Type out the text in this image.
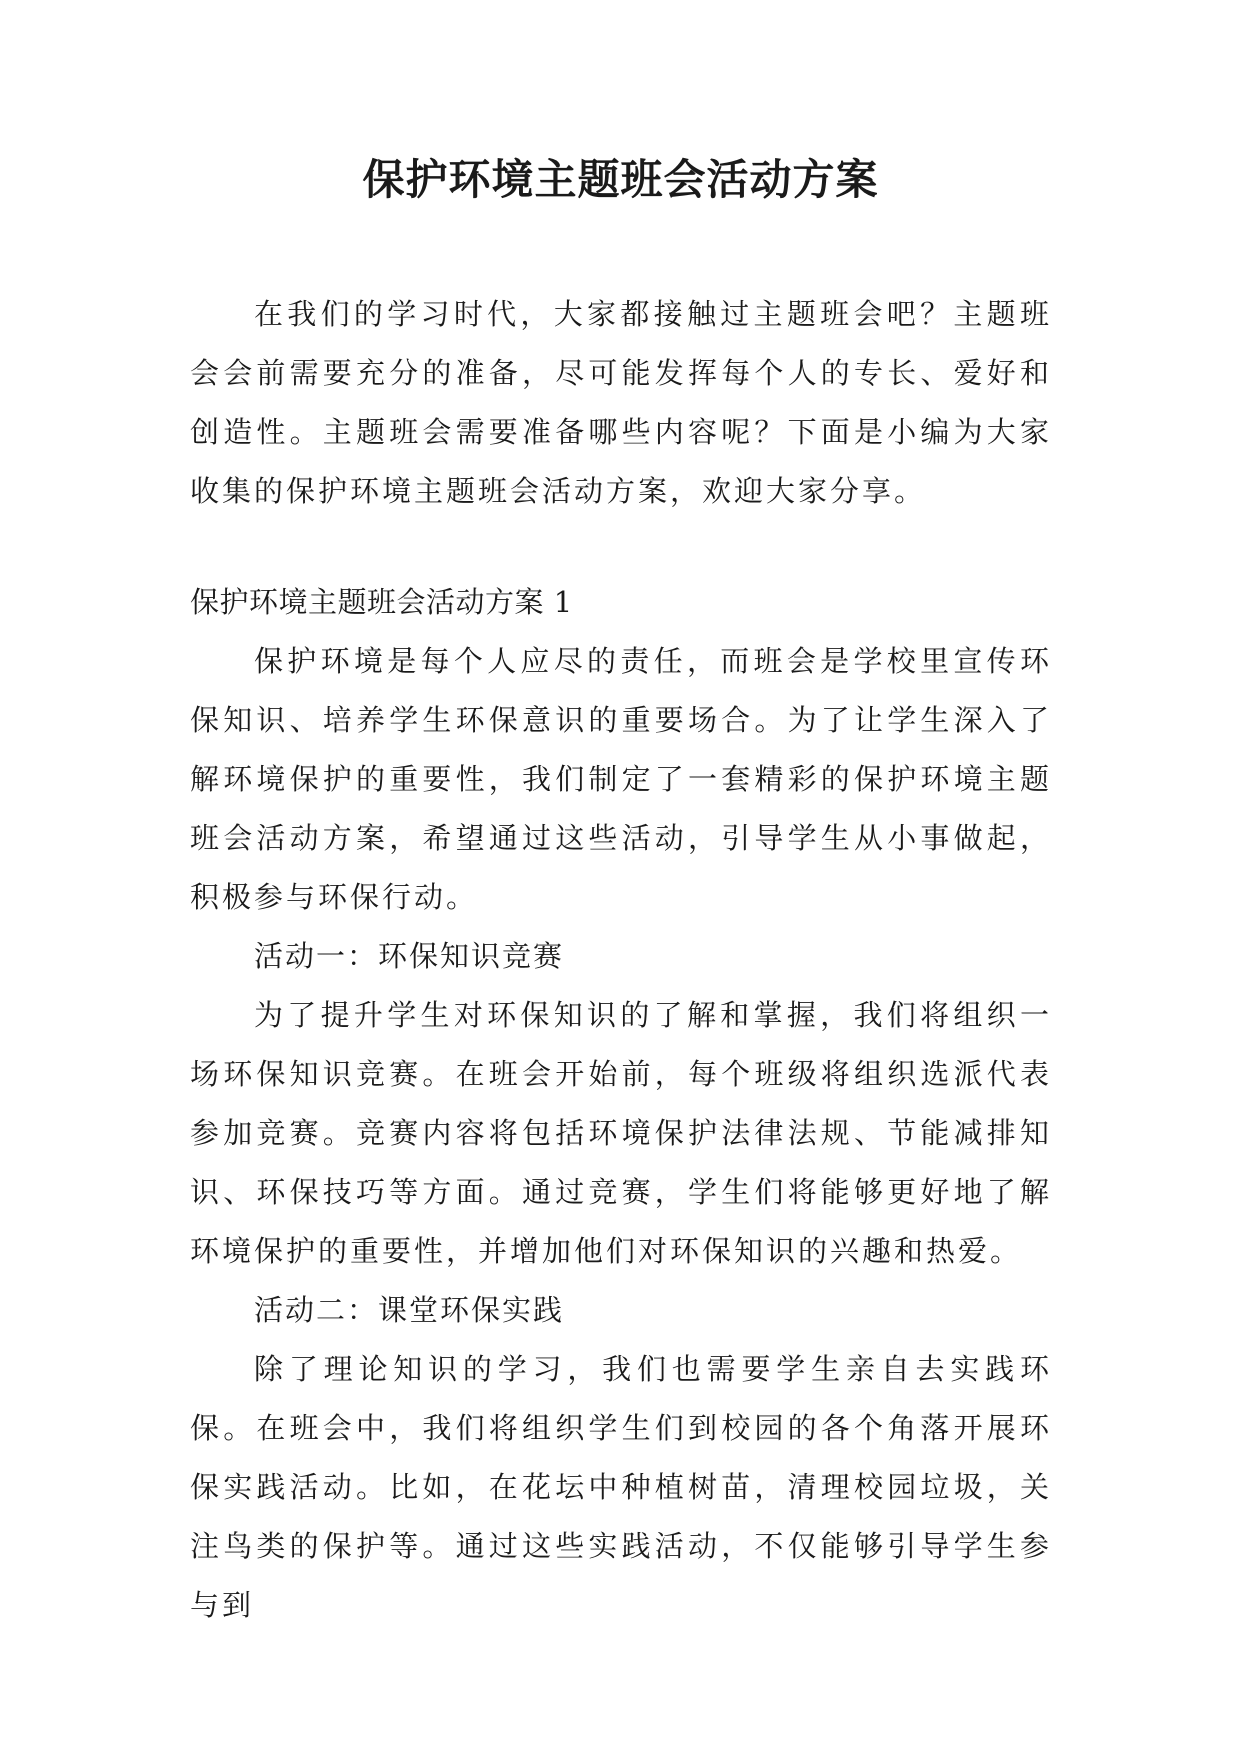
保护环境主题班会活动方案

在我们的学习时代，大家都接触过主题班会吧？主题班会会前需要充分的准备，尽可能发挥每个人的专长、爱好和创造性。主题班会需要准备哪些内容呢？下面是小编为大家收集的保护环境主题班会活动方案，欢迎大家分享。

保护环境主题班会活动方案 1

保护环境是每个人应尽的责任，而班会是学校里宣传环保知识、培养学生环保意识的重要场合。为了让学生深入了解环境保护的重要性，我们制定了一套精彩的保护环境主题班会活动方案，希望通过这些活动，引导学生从小事做起，积极参与环保行动。

活动一：环保知识竞赛

为了提升学生对环保知识的了解和掌握，我们将组织一场环保知识竞赛。在班会开始前，每个班级将组织选派代表参加竞赛。竞赛内容将包括环境保护法律法规、节能减排知识、环保技巧等方面。通过竞赛，学生们将能够更好地了解环境保护的重要性，并增加他们对环保知识的兴趣和热爱。

活动二：课堂环保实践

除了理论知识的学习，我们也需要学生亲自去实践环保。在班会中，我们将组织学生们到校园的各个角落开展环保实践活动。比如，在花坛中种植树苗，清理校园垃圾，关注鸟类的保护等。通过这些实践活动，不仅能够引导学生参与到
